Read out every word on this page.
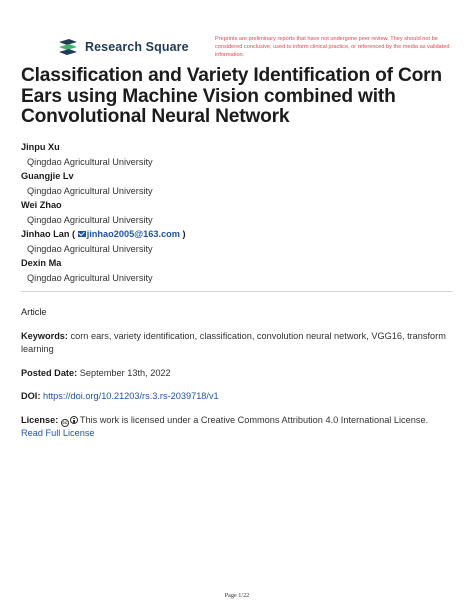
Research Square
Preprints are preliminary reports that have not undergone peer review. They should not be considered conclusive, used to inform clinical practice, or referenced by the media as validated information.
Classification and Variety Identification of Corn Ears using Machine Vision combined with Convolutional Neural Network
Jinpu Xu
Qingdao Agricultural University
Guangjie Lv
Qingdao Agricultural University
Wei Zhao
Qingdao Agricultural University
Jinhao Lan ( jinhao2005@163.com )
Qingdao Agricultural University
Dexin Ma
Qingdao Agricultural University
Article
Keywords: corn ears, variety identification, classification, convolution neural network, VGG16, transform learning
Posted Date: September 13th, 2022
DOI: https://doi.org/10.21203/rs.3.rs-2039718/v1
License: cc This work is licensed under a Creative Commons Attribution 4.0 International License.
Read Full License
Page 1/22
